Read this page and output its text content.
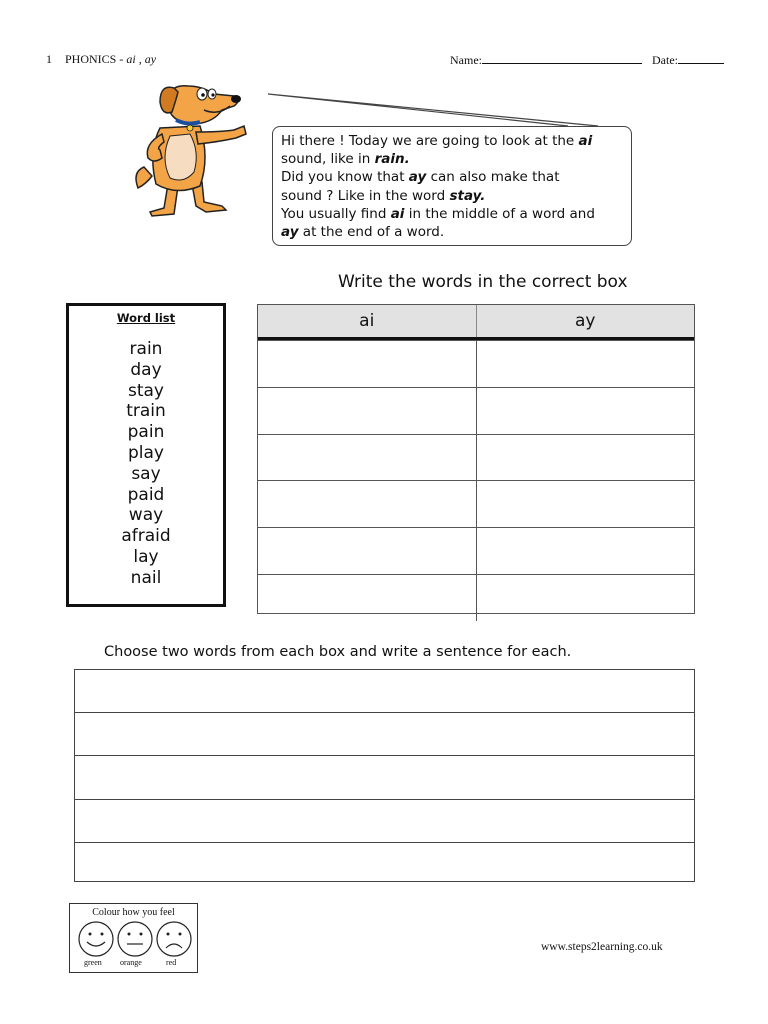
1 PHONICS - ai , ay	Name:	Date:
Hi there ! Today we are going to look at the ai
sound, like in rain.
Did you know that ay can also make that
sound ? Like in the word stay.
You usually find ai in the middle of a word and
ay at the end of a word.
Write the words in the correct box
Word list
rain
day
stay
train
pain
play
say
paid
way
afraid
lay
nail
ai	ay
Choose two words from each box and write a sentence for each.
Colour how you feel
green orange	red
www.steps2learning.co.uk
